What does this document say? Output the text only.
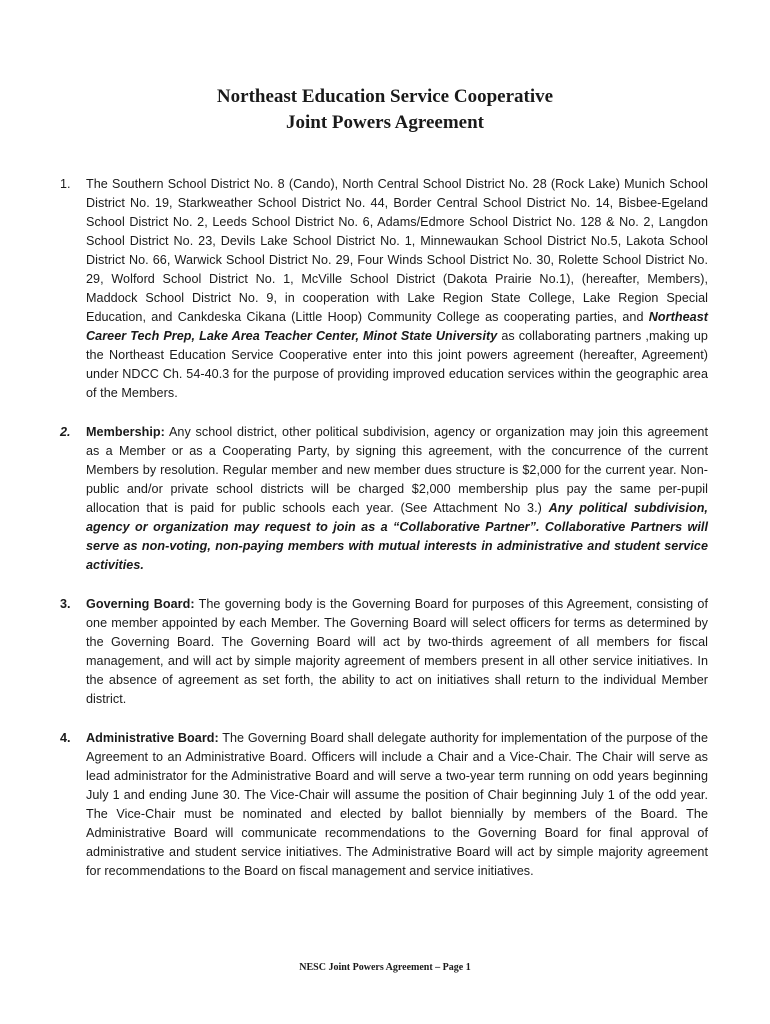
Northeast Education Service Cooperative
Joint Powers Agreement
1. The Southern School District No. 8 (Cando), North Central School District No. 28 (Rock Lake) Munich School District No. 19, Starkweather School District No. 44, Border Central School District No. 14, Bisbee-Egeland School District No. 2, Leeds School District No. 6, Adams/Edmore School District No. 128 & No. 2, Langdon School District No. 23, Devils Lake School District No. 1, Minnewaukan School District No.5, Lakota School District No. 66, Warwick School District No. 29, Four Winds School District No. 30, Rolette School District No. 29, Wolford School District No. 1, McVille School District (Dakota Prairie No.1), (hereafter, Members), Maddock School District No. 9, in cooperation with Lake Region State College, Lake Region Special Education, and Cankdeska Cikana (Little Hoop) Community College as cooperating parties, and Northeast Career Tech Prep, Lake Area Teacher Center, Minot State University as collaborating partners ,making up the Northeast Education Service Cooperative enter into this joint powers agreement (hereafter, Agreement) under NDCC Ch. 54-40.3 for the purpose of providing improved education services within the geographic area of the Members.
2. Membership: Any school district, other political subdivision, agency or organization may join this agreement as a Member or as a Cooperating Party, by signing this agreement, with the concurrence of the current Members by resolution. Regular member and new member dues structure is $2,000 for the current year. Non-public and/or private school districts will be charged $2,000 membership plus pay the same per-pupil allocation that is paid for public schools each year. (See Attachment No 3.) Any political subdivision, agency or organization may request to join as a “Collaborative Partner”. Collaborative Partners will serve as non-voting, non-paying members with mutual interests in administrative and student service activities.
3. Governing Board: The governing body is the Governing Board for purposes of this Agreement, consisting of one member appointed by each Member. The Governing Board will select officers for terms as determined by the Governing Board. The Governing Board will act by two-thirds agreement of all members for fiscal management, and will act by simple majority agreement of members present in all other service initiatives. In the absence of agreement as set forth, the ability to act on initiatives shall return to the individual Member district.
4. Administrative Board: The Governing Board shall delegate authority for implementation of the purpose of the Agreement to an Administrative Board. Officers will include a Chair and a Vice-Chair. The Chair will serve as lead administrator for the Administrative Board and will serve a two-year term running on odd years beginning July 1 and ending June 30. The Vice-Chair will assume the position of Chair beginning July 1 of the odd year. The Vice-Chair must be nominated and elected by ballot biennially by members of the Board. The Administrative Board will communicate recommendations to the Governing Board for final approval of administrative and student service initiatives. The Administrative Board will act by simple majority agreement for recommendations to the Board on fiscal management and service initiatives.
NESC Joint Powers Agreement – Page 1
